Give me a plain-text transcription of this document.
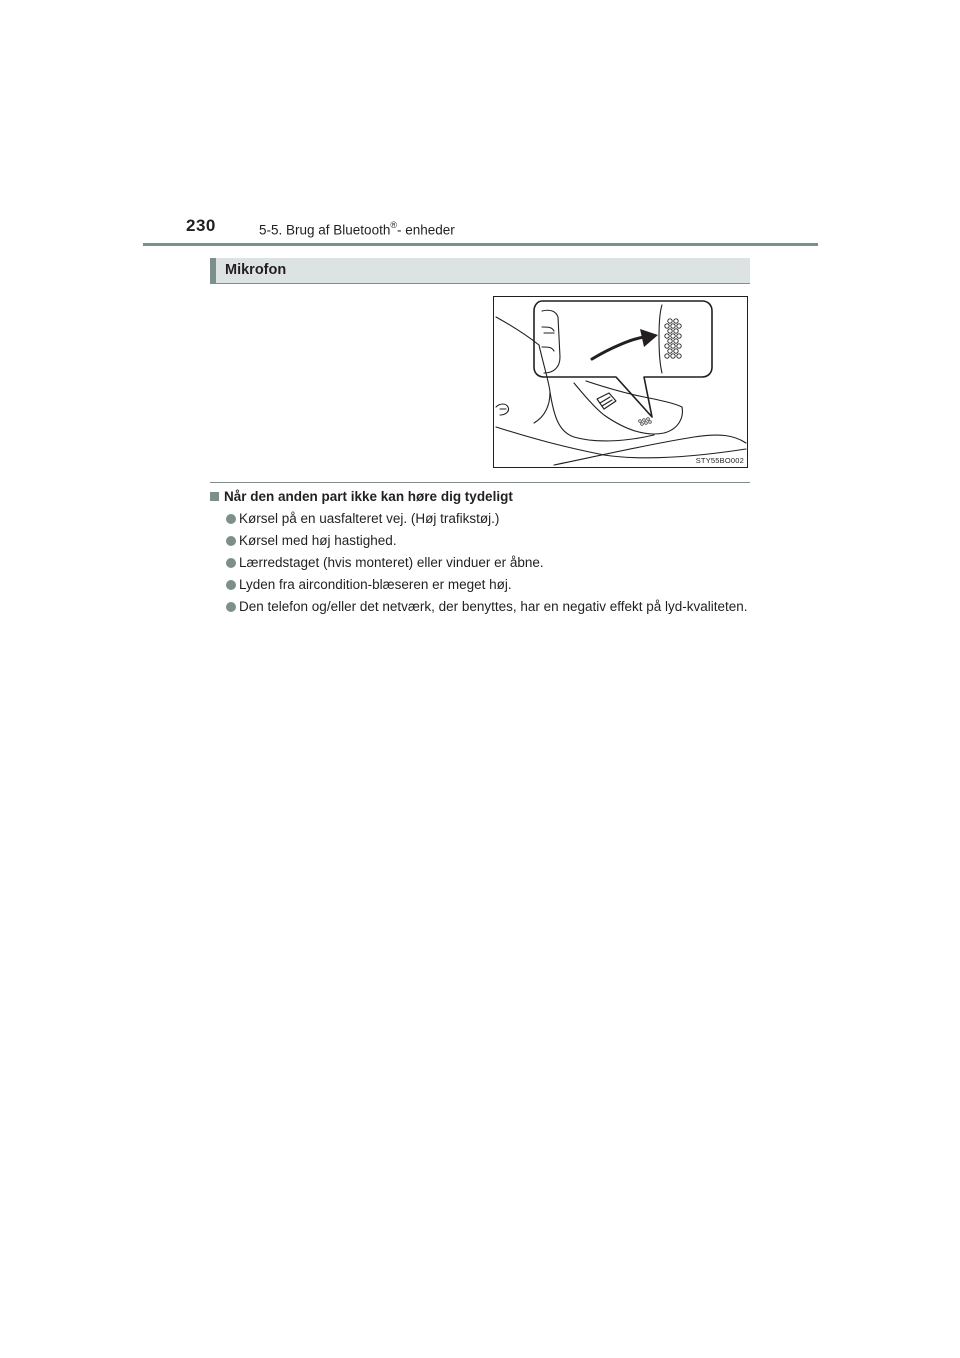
230	5-5. Brug af Bluetooth®- enheder
Mikrofon
STY55BO002
Når den anden part ikke kan høre dig tydeligt
Kørsel på en uasfalteret vej. (Høj trafikstøj.)
Kørsel med høj hastighed.
Lærredstaget (hvis monteret) eller vinduer er åbne.
Lyden fra aircondition-blæseren er meget høj.
Den telefon og/eller det netværk, der benyttes, har en negativ effekt på lyd-kvaliteten.
